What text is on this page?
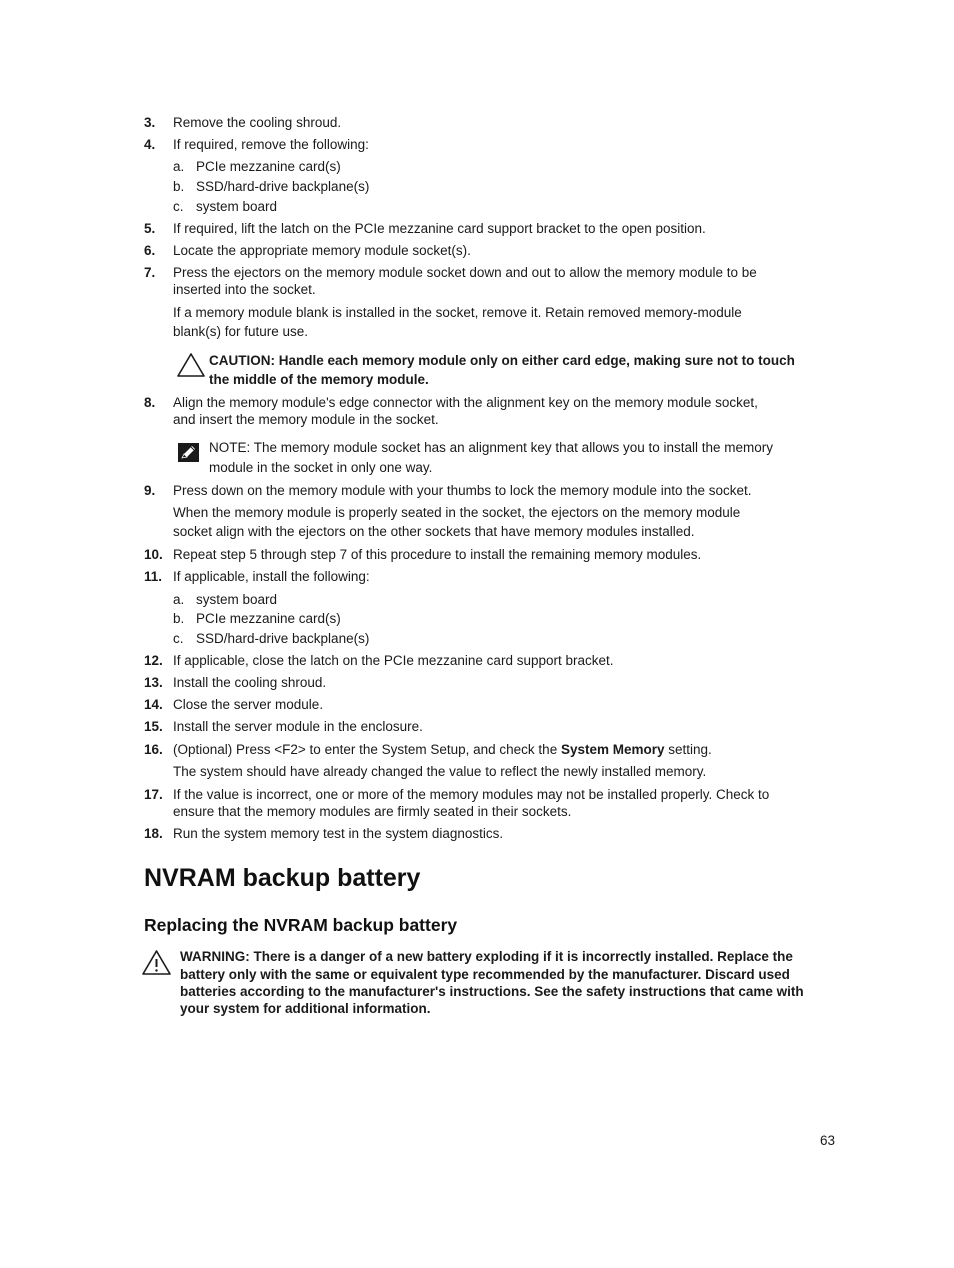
3. Remove the cooling shroud.
4. If required, remove the following:
a. PCIe mezzanine card(s)
b. SSD/hard-drive backplane(s)
c. system board
5. If required, lift the latch on the PCIe mezzanine card support bracket to the open position.
6. Locate the appropriate memory module socket(s).
7. Press the ejectors on the memory module socket down and out to allow the memory module to be
inserted into the socket.
If a memory module blank is installed in the socket, remove it. Retain removed memory-module
blank(s) for future use.
CAUTION: Handle each memory module only on either card edge, making sure not to touch
the middle of the memory module.
8. Align the memory module's edge connector with the alignment key on the memory module socket,
and insert the memory module in the socket.
NOTE: The memory module socket has an alignment key that allows you to install the memory
module in the socket in only one way.
9. Press down on the memory module with your thumbs to lock the memory module into the socket.
When the memory module is properly seated in the socket, the ejectors on the memory module
socket align with the ejectors on the other sockets that have memory modules installed.
10. Repeat step 5 through step 7 of this procedure to install the remaining memory modules.
11. If applicable, install the following:
a. system board
b. PCIe mezzanine card(s)
c. SSD/hard-drive backplane(s)
12. If applicable, close the latch on the PCIe mezzanine card support bracket.
13. Install the cooling shroud.
14. Close the server module.
15. Install the server module in the enclosure.
16. (Optional) Press <F2> to enter the System Setup, and check the System Memory setting.
The system should have already changed the value to reflect the newly installed memory.
17. If the value is incorrect, one or more of the memory modules may not be installed properly. Check to
ensure that the memory modules are firmly seated in their sockets.
18. Run the system memory test in the system diagnostics.
NVRAM backup battery
Replacing the NVRAM backup battery
WARNING: There is a danger of a new battery exploding if it is incorrectly installed. Replace the
battery only with the same or equivalent type recommended by the manufacturer. Discard used
batteries according to the manufacturer's instructions. See the safety instructions that came with
your system for additional information.
63
